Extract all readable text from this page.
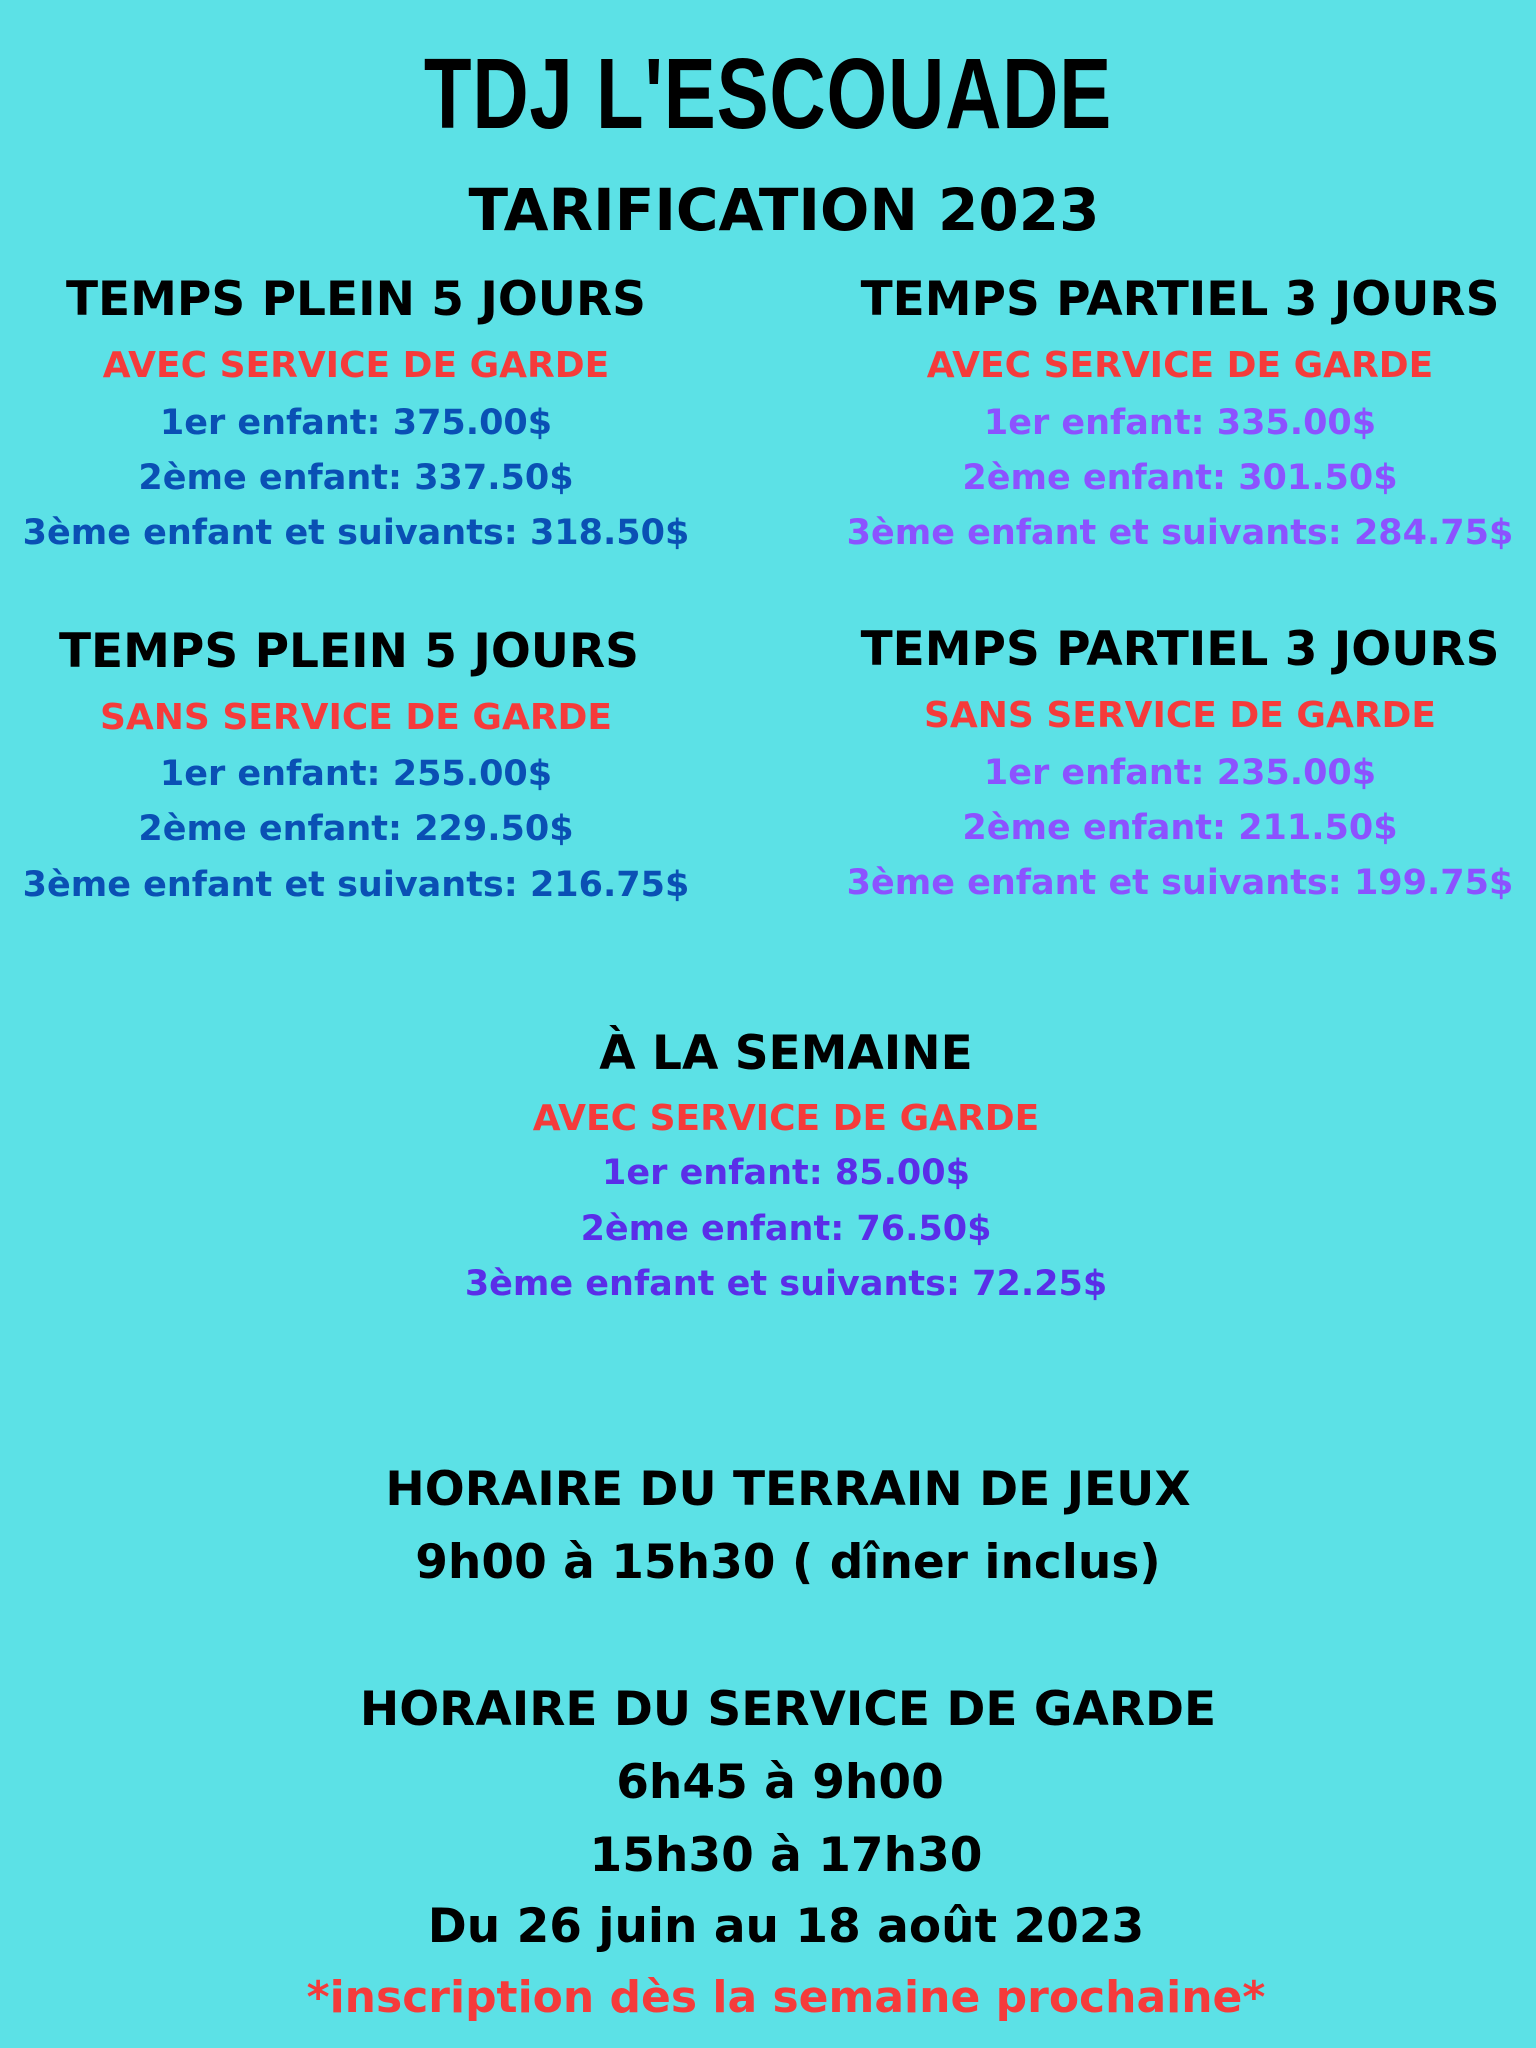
TDJ L'ESCOUADE
TARIFICATION 2023
TEMPS PLEIN 5 JOURS
AVEC SERVICE DE GARDE
1er enfant: 375.00$
2ème enfant: 337.50$
3ème enfant et suivants: 318.50$
TEMPS PARTIEL 3 JOURS
AVEC SERVICE DE GARDE
1er enfant: 335.00$
2ème enfant: 301.50$
3ème enfant et suivants: 284.75$
TEMPS PLEIN 5 JOURS
SANS SERVICE DE GARDE
1er enfant: 255.00$
2ème enfant: 229.50$
3ème enfant et suivants: 216.75$
TEMPS PARTIEL 3 JOURS
SANS SERVICE DE GARDE
1er enfant: 235.00$
2ème enfant: 211.50$
3ème enfant et suivants: 199.75$
À LA SEMAINE
AVEC SERVICE DE GARDE
1er enfant: 85.00$
2ème enfant: 76.50$
3ème enfant et suivants: 72.25$
HORAIRE DU TERRAIN DE JEUX
9h00 à 15h30 ( dîner inclus)
HORAIRE DU SERVICE DE GARDE
6h45 à 9h00
15h30 à 17h30
Du 26 juin au 18 août 2023
*inscription dès la semaine prochaine*
